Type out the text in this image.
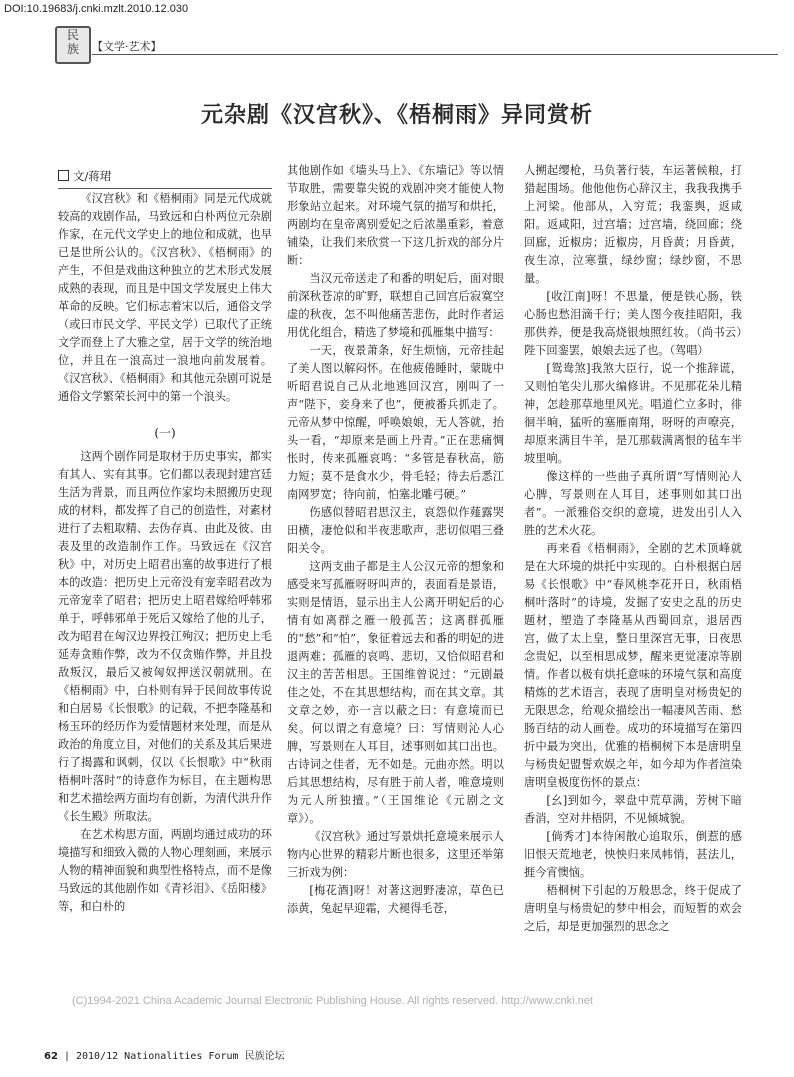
DOI:10.19683/j.cnki.mzlt.2010.12.030
民
族	【文学·艺术】
元杂剧《汉宫秋》、《梧桐雨》异同赏析
文/蒋珺

《汉宫秋》和《梧桐雨》同是元代成就较高的戏剧作品，马致远和白朴两位元杂剧作家，在元代文学史上的地位和成就，也早已是世所公认的。《汉宫秋》、《梧桐雨》的产生，不但是戏曲这种独立的艺术形式发展成熟的表现，而且是中国文学发展史上伟大革命的反映。它们标志着宋以后，通俗文学（或曰市民文学、平民文学）已取代了正统文学而登上了大雅之堂，居于文学的统治地位，并且在一浪高过一浪地向前发展着。《汉宫秋》、《梧桐雨》和其他元杂剧可说是通俗文学繁荣长河中的第一个浪头。

(一)

这两个剧作同是取材于历史事实，都实有其人、实有其事。它们都以表现封建宫廷生活为背景，而且两位作家均未照搬历史现成的材料，都发挥了自己的创造性，对素材进行了去粗取精、去伪存真、由此及彼、由表及里的改造制作工作。马致远在《汉宫秋》中，对历史上昭君出塞的故事进行了根本的改造：把历史上元帝没有宠幸昭君改为元帝宠幸了昭君；把历史上昭君嫁给呼韩邪单于，呼韩邪单于死后又嫁给了他的儿子，改为昭君在匈汉边界投江殉汉；把历史上毛延寿贪贿作弊，改为不仅贪贿作弊，并且投敌叛汉，最后又被匈奴押送汉朝就刑。在《梧桐雨》中，白朴则有异于民间故事传说和白居易《长恨歌》的记载，不把李隆基和杨玉环的经历作为爱情题材来处理，而是从政治的角度立目，对他们的关系及其后果进行了揭露和讽刺，仅以《长恨歌》中“秋雨梧桐叶落时”的诗意作为标目，在主题构思和艺术描绘两方面均有创新，为清代洪升作《长生殿》所取法。

在艺术构思方面，两剧均通过成功的环境描写和细致入微的人物心理刻画，来展示人物的精神面貌和典型性格特点，而不是像马致远的其他剧作如《青衫泪》、《岳阳楼》等，和白朴的

其他剧作如《墙头马上》、《东墙记》等以情节取胜，需要靠尖锐的戏剧冲突才能使人物形象站立起来。对环境气氛的描写和烘托，两剧均在皇帝离别爱妃之后浓墨重彩，着意铺染，让我们来欣赏一下这几折戏的部分片断：

当汉元帝送走了和番的明妃后，面对眼前深秋苍凉的旷野，联想自己回宫后寂寞空虚的秋夜，怎不叫他痛苦悲伤，此时作者运用优化组合，精选了梦境和孤雁集中描写：

一天，夜景萧条，好生烦恼，元帝挂起了美人图以解闷怀。在他疲倦睡时，蒙眬中听昭君说自己从北地逃回汉宫，刚叫了一声“陛下，妾身来了也”，便被番兵抓走了。元帝从梦中惊醒，呼唤娘娘，无人答就，抬头一看，“却原来是画上丹青。”正在悲痛惆怅时，传来孤雁哀鸣：“多管是春秋高，筋力短；莫不是食水少，骨毛轻；待去后悉江南网罗宽；待向前，怕塞北雕弓硬。”

伤感似替昭君思汉主，哀怨似作薤露哭田横，凄怆似和半夜悲歌声，悲切似唱三叠阳关令。

这两支曲子都是主人公汉元帝的想象和感受来写孤雁呀呀叫声的，表面看是景语，实则是情语，显示出主人公离开明妃后的心情有如离群之雁一般孤苦；这离群孤雁的“愁”和“怕”，象征着远去和番的明妃的进退两难；孤雁的哀鸣、悲切，又恰似昭君和汉主的苦苦相思。王国维曾说过：“元剧最佳之处，不在其思想结构，而在其文章。其文章之妙，亦一言以蔽之曰：有意境而已矣。何以谓之有意境？曰：写情则沁人心脾，写景则在人耳目，述事则如其口出也。古诗词之佳者，无不如是。元曲亦然。明以后其思想结构，尽有胜于前人者，唯意境则为元人所独擅。”（王国维论《元剧之文章》）。

《汉宫秋》通过写景烘托意境来展示人物内心世界的精彩片断也很多，这里还举第三折戏为例：

[梅花酒]呀！对著这迥野凄凉，草色已添黄，兔起早迎霜，犬褪得毛苍，

人搠起缨枪，马负著行装，车运著候粮，打猎起围场。他他他伤心辞汉主，我我我携手上河梁。他部从，入穷荒；我銮舆，返咸阳。返咸阳，过宫墙；过宫墙，绕回廊；绕回廊，近椒房；近椒房，月昏黄；月昏黄，夜生凉，泣寒螀，绿纱窗；绿纱窗，不思量。

[收江南]呀！不思量，便是铁心肠，铁心肠也愁泪滴千行；美人图今夜挂昭阳，我那供养，便是我高烧银烛照红妆。（尚书云）陛下回銮罢，娘娘去远了也。（驾唱）

[鸳鸯煞]我煞大臣行，说一个推辞谎，又则怕笔尖儿那火编修讲。不见那花朵儿精神，怎趁那草地里风光。唱道伫立多时，徘徊半晌，猛听的塞雁南翔，呀呀的声嘹亮，却原来满目牛羊，是兀那载满离恨的毡车半坡里响。

像这样的一些曲子真所谓“写情则沁人心脾，写景则在人耳目，述事则如其口出者”。一派雅俗交织的意境，进发出引人入胜的艺术火花。

再来看《梧桐雨》，全剧的艺术顶峰就是在大环境的烘托中实现的。白朴根据白居易《长恨歌》中“春风桃李花开日，秋雨梧桐叶落时”的诗境，发掘了安史之乱的历史题材，塑造了李隆基从西蜀回京，退居西宫，做了太上皇，整日里深宫无事，日夜思念贵妃，以至相思成梦，醒来更觉凄凉等剧情。作者以极有烘托意味的环境气氛和高度精炼的艺术语言，表现了唐明皇对杨贵妃的无限思念，给观众描绘出一幅凄风苦雨、愁肠百结的动人画卷。成功的环境描写在第四折中最为突出，优雅的梧桐树下本是唐明皇与杨贵妃盟誓欢娱之年，如今却为作者渲染唐明皇极度伤怀的景点：

[幺]到如今，翠盘中荒草满，芳树下暗香消，空对井梧阴，不见倾城貌。

[倘秀才]本待闲散心追取乐，倒惹的感旧恨天荒地老，怏怏归来凤帏悄，甚法儿，捱今宵懊恼。

梧桐树下引起的万般思念，终于促成了唐明皇与杨贵妃的梦中相会，而短暂的欢会之后，却是更加强烈的思念之

(C)1994-2021 China Academic Journal Electronic Publishing House. All rights reserved. http://www.cnki.net
62 | 2010/12 Nationalities Forum 民族论坛
